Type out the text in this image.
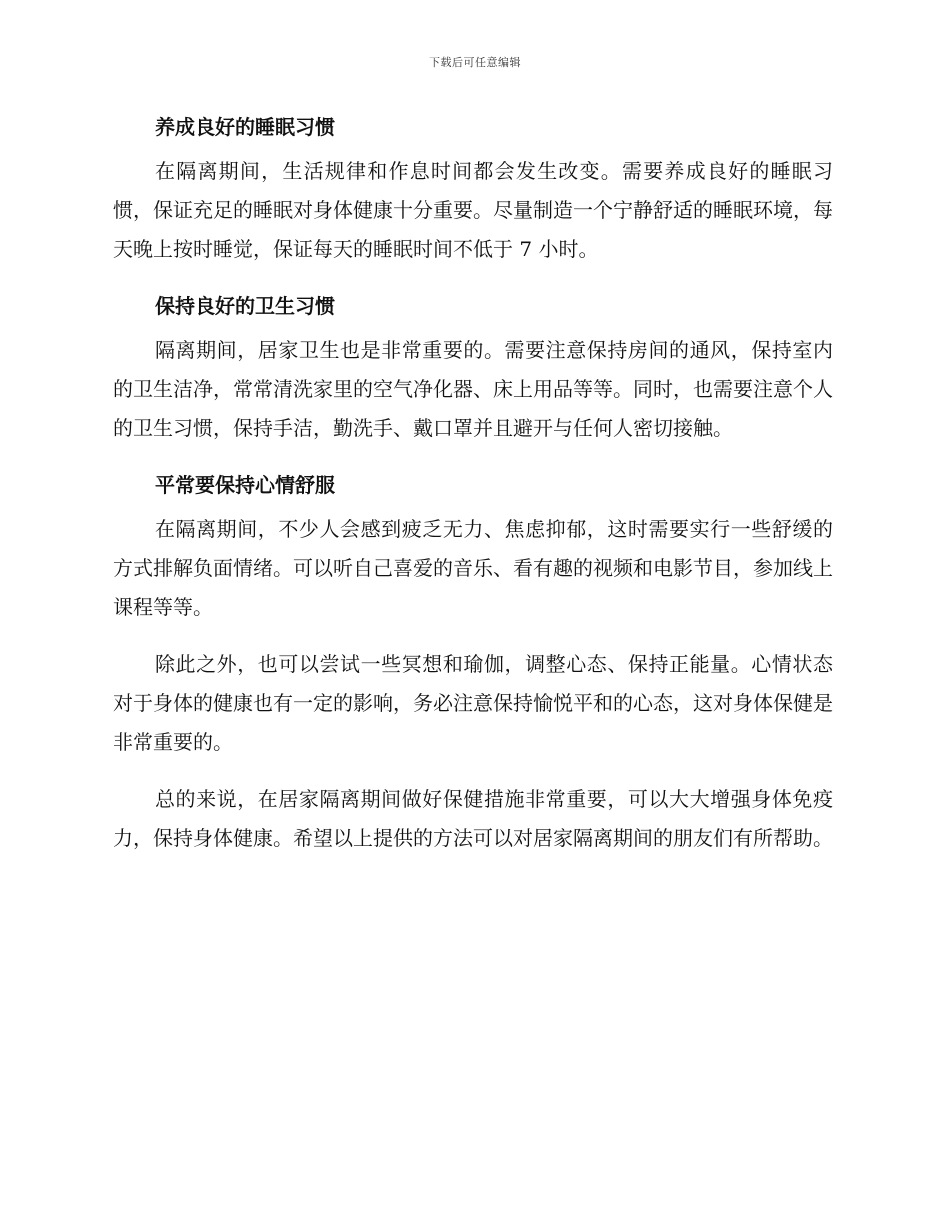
下载后可任意编辑
养成良好的睡眠习惯

在隔离期间，生活规律和作息时间都会发生改变。需要养成良好的睡眠习惯，保证充足的睡眠对身体健康十分重要。尽量制造一个宁静舒适的睡眠环境，每天晚上按时睡觉，保证每天的睡眠时间不低于 7 小时。

保持良好的卫生习惯

隔离期间，居家卫生也是非常重要的。需要注意保持房间的通风，保持室内的卫生洁净，常常清洗家里的空气净化器、床上用品等等。同时，也需要注意个人的卫生习惯，保持手洁，勤洗手、戴口罩并且避开与任何人密切接触。

平常要保持心情舒服

在隔离期间，不少人会感到疲乏无力、焦虑抑郁，这时需要实行一些舒缓的方式排解负面情绪。可以听自己喜爱的音乐、看有趣的视频和电影节目，参加线上课程等等。

除此之外，也可以尝试一些冥想和瑜伽，调整心态、保持正能量。心情状态对于身体的健康也有一定的影响，务必注意保持愉悦平和的心态，这对身体保健是非常重要的。

总的来说，在居家隔离期间做好保健措施非常重要，可以大大增强身体免疫力，保持身体健康。希望以上提供的方法可以对居家隔离期间的朋友们有所帮助。
